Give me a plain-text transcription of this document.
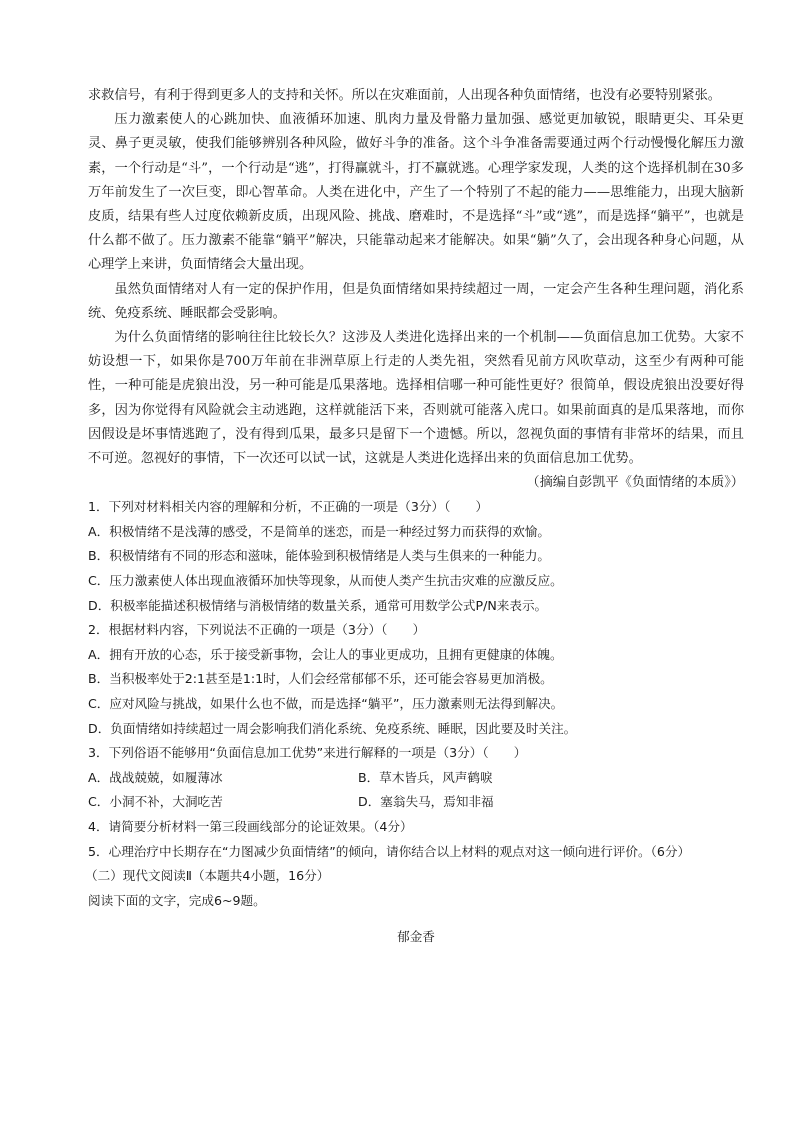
求救信号，有利于得到更多人的支持和关怀。所以在灾难面前，人出现各种负面情绪，也没有必要特别紧张。

压力激素使人的心跳加快、血液循环加速、肌肉力量及骨骼力量加强、感觉更加敏锐，眼睛更尖、耳朵更灵、鼻子更灵敏，使我们能够辨别各种风险，做好斗争的准备。这个斗争准备需要通过两个行动慢慢化解压力激素，一个行动是“斗”，一个行动是“逃”，打得赢就斗，打不赢就逃。心理学家发现，人类的这个选择机制在30多万年前发生了一次巨变，即心智革命。人类在进化中，产生了一个特别了不起的能力——思维能力，出现大脑新皮质，结果有些人过度依赖新皮质，出现风险、挑战、磨难时，不是选择“斗”或“逃”，而是选择“躺平”，也就是什么都不做了。压力激素不能靠“躺平”解决，只能靠动起来才能解决。如果“躺”久了，会出现各种身心问题，从心理学上来讲，负面情绪会大量出现。

虽然负面情绪对人有一定的保护作用，但是负面情绪如果持续超过一周，一定会产生各种生理问题，消化系统、免疫系统、睡眠都会受影响。

为什么负面情绪的影响往往比较长久？这涉及人类进化选择出来的一个机制——负面信息加工优势。大家不妨设想一下，如果你是700万年前在非洲草原上行走的人类先祖，突然看见前方风吹草动，这至少有两种可能性，一种可能是虎狼出没，另一种可能是瓜果落地。选择相信哪一种可能性更好？很简单，假设虎狼出没要好得多，因为你觉得有风险就会主动逃跑，这样就能活下来，否则就可能落入虎口。如果前面真的是瓜果落地，而你因假设是坏事情逃跑了，没有得到瓜果，最多只是留下一个遗憾。所以，忽视负面的事情有非常坏的结果，而且不可逆。忽视好的事情，下一次还可以试一试，这就是人类进化选择出来的负面信息加工优势。

（摘编自彭凯平《负面情绪的本质》）

1．下列对材料相关内容的理解和分析，不正确的一项是（3分）（　　）

A．积极情绪不是浅薄的感受，不是简单的迷恋，而是一种经过努力而获得的欢愉。

B．积极情绪有不同的形态和滋味，能体验到积极情绪是人类与生俱来的一种能力。

C．压力激素使人体出现血液循环加快等现象，从而使人类产生抗击灾难的应激反应。

D．积极率能描述积极情绪与消极情绪的数量关系，通常可用数学公式P/N来表示。

2．根据材料内容，下列说法不正确的一项是（3分）（　　）

A．拥有开放的心态，乐于接受新事物，会让人的事业更成功，且拥有更健康的体魄。

B．当积极率处于2:1甚至是1:1时，人们会经常郁郁不乐，还可能会容易更加消极。

C．应对风险与挑战，如果什么也不做，而是选择“躺平”，压力激素则无法得到解决。

D．负面情绪如持续超过一周会影响我们消化系统、免疫系统、睡眠，因此要及时关注。

3．下列俗语不能够用“负面信息加工优势”来进行解释的一项是（3分）（　　）

A．战战兢兢，如履薄冰	B．草木皆兵，风声鹤唳
C．小洞不补，大洞吃苦	D．塞翁失马，焉知非福

4．请简要分析材料一第三段画线部分的论证效果。（4分）

5．心理治疗中长期存在“力图减少负面情绪”的倾向，请你结合以上材料的观点对这一倾向进行评价。（6分）

（二）现代文阅读Ⅱ（本题共4小题，16分）

阅读下面的文字，完成6~9题。

郁金香
